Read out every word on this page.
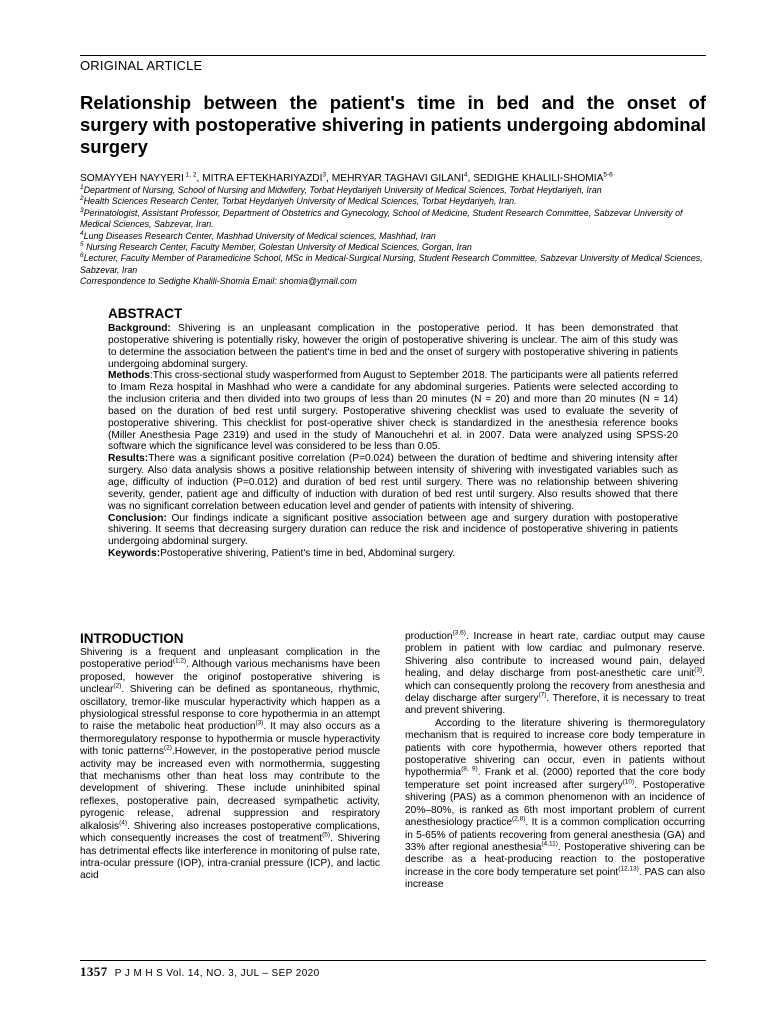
ORIGINAL ARTICLE
Relationship between the patient's time in bed and the onset of surgery with postoperative shivering in patients undergoing abdominal surgery
SOMAYYEH NAYYERI $^{1, 2}$, MITRA EFTEKHARIYAZDI$^3$, MEHRYAR TAGHAVI GILANI$^4$, SEDIGHE KHALILI-SHOMIA$^{5-6}$
$^1$Department of Nursing, School of Nursing and Midwifery, Torbat Heydariyeh University of Medical Sciences, Torbat Heydariyeh, Iran
$^2$Health Sciences Research Center, Torbat Heydariyeh University of Medical Sciences, Torbat Heydariyeh, Iran.
$^3$Perinatologist, Assistant Professor, Department of Obstetrics and Gynecology, School of Medicine, Student Research Committee, Sabzevar University of Medical Sciences, Sabzevar, Iran.
$^4$Lung Diseases Research Center, Mashhad University of Medical sciences, Mashhad, Iran
$^5$ Nursing Research Center, Faculty Member, Golestan University of Medical Sciences, Gorgan, Iran
$^6$Lecturer, Faculty Member of Paramedicine School, MSc in Medical-Surgical Nursing, Student Research Committee, Sabzevar University of Medical Sciences, Sabzevar, Iran
Correspondence to Sedighe Khalili-Shomia Email: shomia@ymail.com
ABSTRACT

Background: Shivering is an unpleasant complication in the postoperative period. It has been demonstrated that postoperative shivering is potentially risky, however the origin of postoperative shivering is unclear. The aim of this study was to determine the association between the patient's time in bed and the onset of surgery with postoperative shivering in patients undergoing abdominal surgery.

Methods:This cross-sectional study wasperformed from August to September 2018. The participants were all patients referred to Imam Reza hospital in Mashhad who were a candidate for any abdominal surgeries. Patients were selected according to the inclusion criteria and then divided into two groups of less than 20 minutes (N = 20) and more than 20 minutes (N = 14) based on the duration of bed rest until surgery. Postoperative shivering checklist was used to evaluate the severity of postoperative shivering. This checklist for post-operative shiver check is standardized in the anesthesia reference books (Miller Anesthesia Page 2319) and used in the study of Manouchehri et al. in 2007. Data were analyzed using SPSS-20 software which the significance level was considered to be less than 0.05.

Results:There was a significant positive correlation (P=0.024) between the duration of bedtime and shivering intensity after surgery. Also data analysis shows a positive relationship between intensity of shivering with investigated variables such as age, difficulty of induction (P=0.012) and duration of bed rest until surgery. There was no relationship between shivering severity, gender, patient age and difficulty of induction with duration of bed rest until surgery. Also results showed that there was no significant correlation between education level and gender of patients with intensity of shivering.

Conclusion: Our findings indicate a significant positive association between age and surgery duration with postoperative shivering. It seems that decreasing surgery duration can reduce the risk and incidence of postoperative shivering in patients undergoing abdominal surgery.

Keywords:Postoperative shivering, Patient's time in bed, Abdominal surgery.

INTRODUCTION

Shivering is a frequent and unpleasant complication in the postoperative period$^{(1,2)}$. Although various mechanisms have been proposed, however the originof postoperative shivering is unclear$^{(2)}$. Shivering can be defined as spontaneous, rhythmic, oscillatory, tremor-like muscular hyperactivity which happen as a physiological stressful response to core hypothermia in an attempt to raise the metabolic heat production$^{(3)}$. It may also occurs as a thermoregulatory response to hypothermia or muscle hyperactivity with tonic patterns$^{(2)}$.However, in the postoperative period muscle activity may be increased even with normothermia, suggesting that mechanisms other than heat loss may contribute to the development of shivering. These include uninhibited spinal reflexes, postoperative pain, decreased sympathetic activity, pyrogenic release, adrenal suppression and respiratory alkalosis$^{(4)}$. Shivering also increases postoperative complications, which consequently increases the cost of treatment$^{(5)}$. Shivering has detrimental effects like interference in monitoring of pulse rate, intra-ocular pressure (IOP), intra-cranial pressure (ICP), and lactic acid

production$^{(3,6)}$. Increase in heart rate, cardiac output may cause problem in patient with low cardiac and pulmonary reserve. Shivering also contribute to increased wound pain, delayed healing, and delay discharge from post-anesthetic care unit$^{(3)}$. which can consequently prolong the recovery from anesthesia and delay discharge after surgery$^{(7)}$. Therefore, it is necessary to treat and prevent shivering.

According to the literature shivering is thermoregulatory mechanism that is required to increase core body temperature in patients with core hypothermia, however others reported that postoperative shivering can occur, even in patients without hypothermia$^{(8, 9)}$. Frank et al. (2000) reported that the core body temperature set point increased after surgery$^{(10)}$. Postoperative shivering (PAS) as a common phenomenon with an incidence of 20%–80%, is ranked as 6th most important problem of current anesthesiology practice$^{(2,8)}$. It is a common complication occurring in 5-65% of patients recovering from general anesthesia (GA) and 33% after regional anesthesia$^{(4,11)}$. Postoperative shivering can be describe as a heat-producing reaction to the postoperative increase in the core body temperature set point$^{(12,13)}$. PAS can also increase

1357 P J M H S Vol. 14, NO. 3, JUL – SEP 2020
